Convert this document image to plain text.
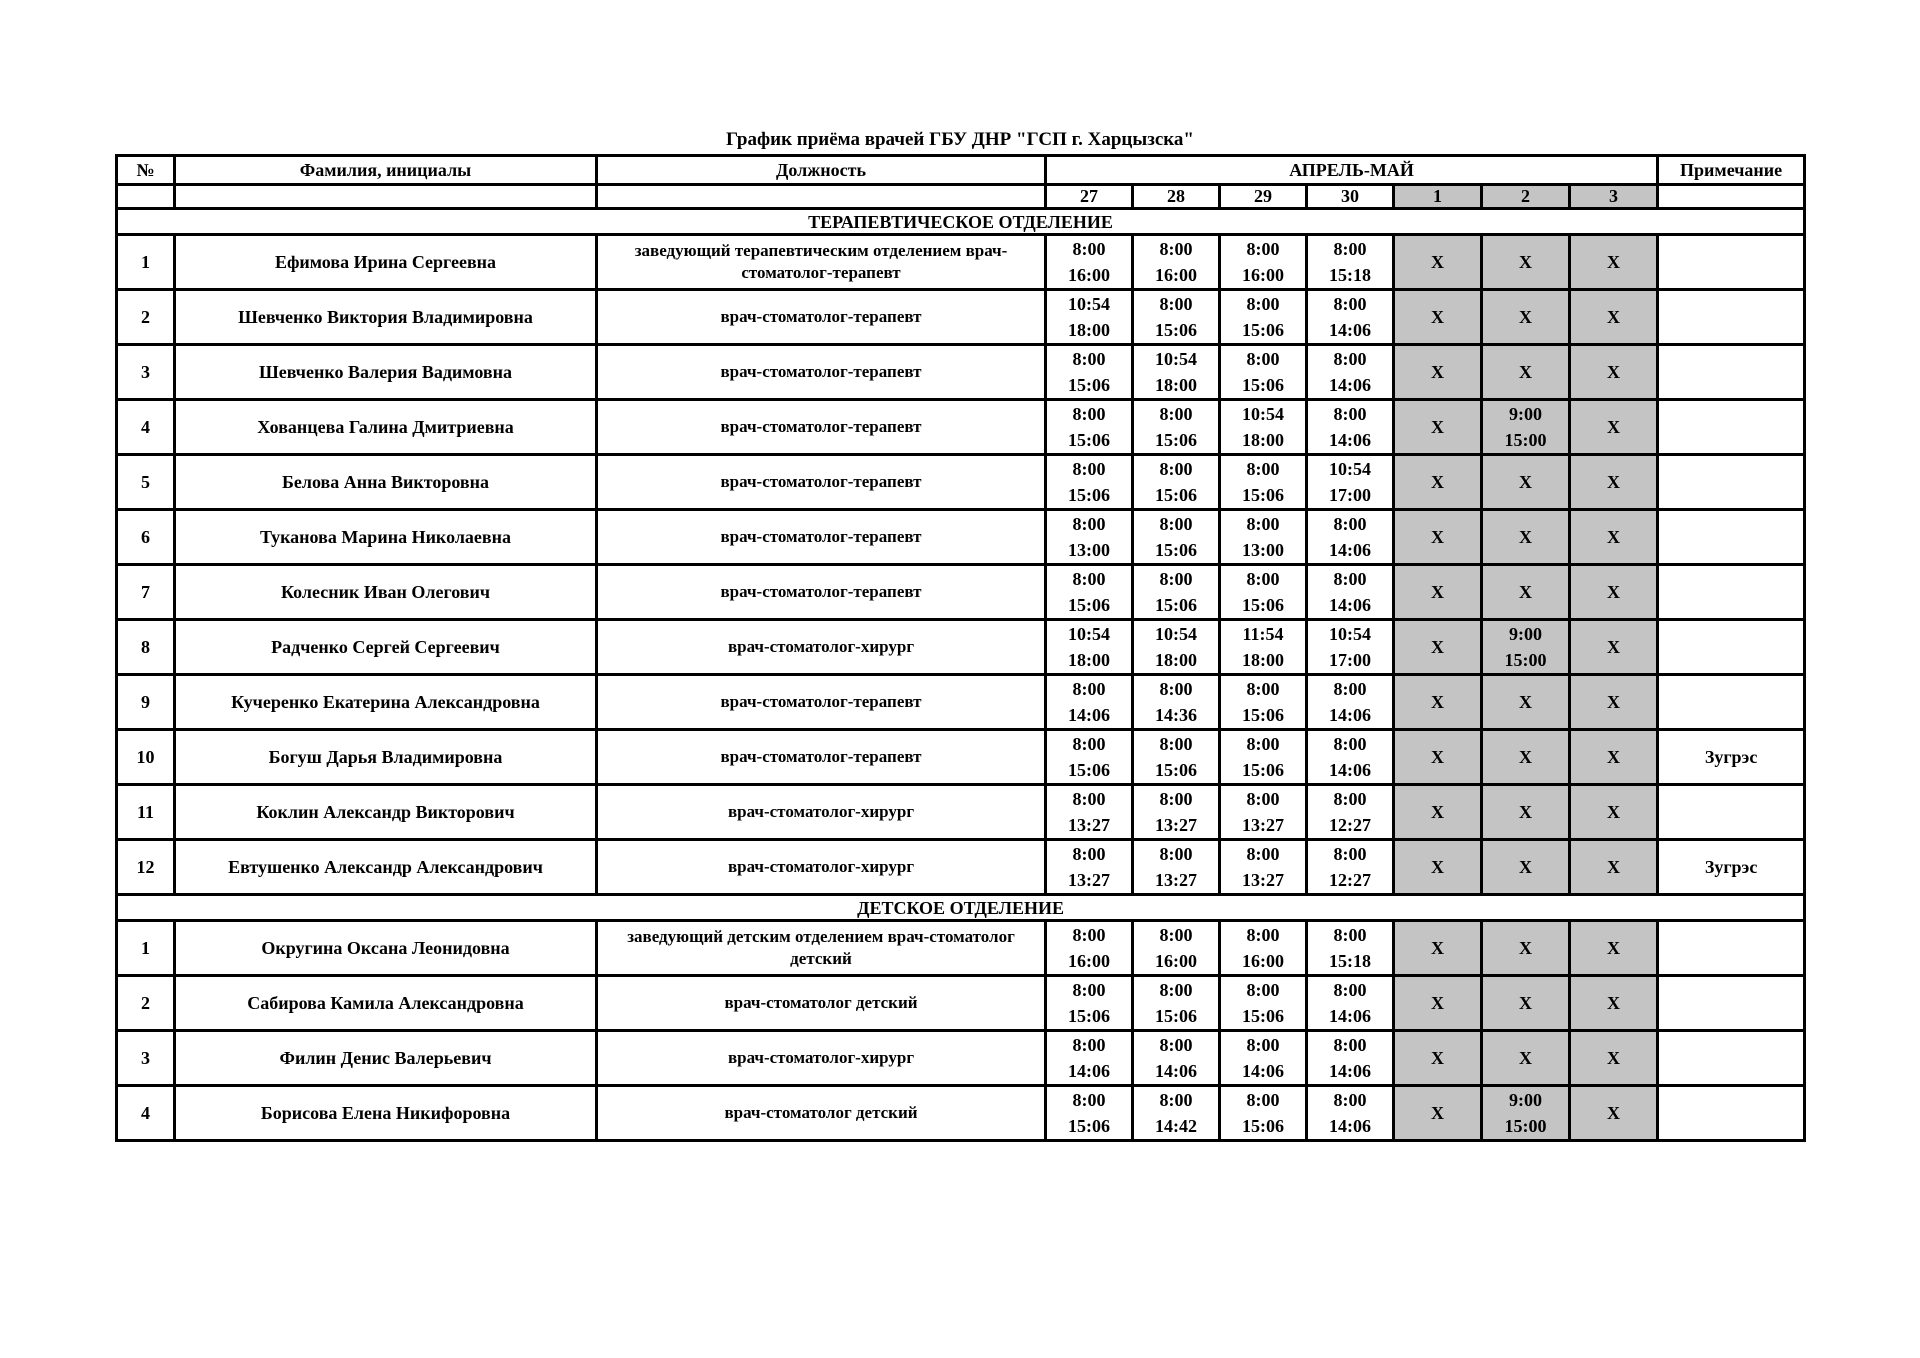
График приёма врачей ГБУ ДНР "ГСП г. Харцызска"
№	Фамилия, инициалы	Должность	АПРЕЛЬ-МАЙ							Примечание
			27	28	29	30	1	2	3	
ТЕРАПЕВТИЧЕСКОЕ ОТДЕЛЕНИЕ										
1	Ефимова Ирина Сергеевна	заведующий терапевтическим отделением врач-стоматолог-терапевт	8:00
16:00	8:00
16:00	8:00
16:00	8:00
15:18	X	X	X	

2	Шевченко Виктория Владимировна	врач-стоматолог-терапевт	10:54
18:00	8:00
15:06	8:00
15:06	8:00
14:06	X	X	X	

3	Шевченко Валерия Вадимовна	врач-стоматолог-терапевт	8:00
15:06	10:54
18:00	8:00
15:06	8:00
14:06	X	X	X	

4	Хованцева Галина Дмитриевна	врач-стоматолог-терапевт	8:00
15:06	8:00
15:06	10:54
18:00	8:00
14:06	X	9:00
15:00	X	

5	Белова Анна Викторовна	врач-стоматолог-терапевт	8:00
15:06	8:00
15:06	8:00
15:06	10:54
17:00	X	X	X	

6	Туканова Марина Николаевна	врач-стоматолог-терапевт	8:00
13:00	8:00
15:06	8:00
13:00	8:00
14:06	X	X	X	

7	Колесник Иван Олегович	врач-стоматолог-терапевт	8:00
15:06	8:00
15:06	8:00
15:06	8:00
14:06	X	X	X	

8	Радченко Сергей Сергеевич	врач-стоматолог-хирург	10:54
18:00	10:54
18:00	11:54
18:00	10:54
17:00	X	9:00
15:00	X	

9	Кучеренко Екатерина Александровна	врач-стоматолог-терапевт	8:00
14:06	8:00
14:36	8:00
15:06	8:00
14:06	X	X	X	

10	Богуш Дарья Владимировна	врач-стоматолог-терапевт	8:00
15:06	8:00
15:06	8:00
15:06	8:00
14:06	X	X	X	Зугрэс
11	Коклин Александр Викторович	врач-стоматолог-хирург	8:00
13:27	8:00
13:27	8:00
13:27	8:00
12:27	X	X	X	

12	Евтушенко Александр Александрович	врач-стоматолог-хирург	8:00
13:27	8:00
13:27	8:00
13:27	8:00
12:27	X	X	X	Зугрэс
ДЕТСКОЕ ОТДЕЛЕНИЕ										
1	Округина Оксана Леонидовна	заведующий детским отделением врач-стоматолог детский	8:00
16:00	8:00
16:00	8:00
16:00	8:00
15:18	X	X	X	

2	Сабирова Камила Александровна	врач-стоматолог детский	8:00
15:06	8:00
15:06	8:00
15:06	8:00
14:06	X	X	X	

3	Филин Денис Валерьевич	врач-стоматолог-хирург	8:00
14:06	8:00
14:06	8:00
14:06	8:00
14:06	X	X	X	

4	Борисова Елена Никифоровна	врач-стоматолог детский	8:00
15:06	8:00
14:42	8:00
15:06	8:00
14:06	X	9:00
15:00	X	
